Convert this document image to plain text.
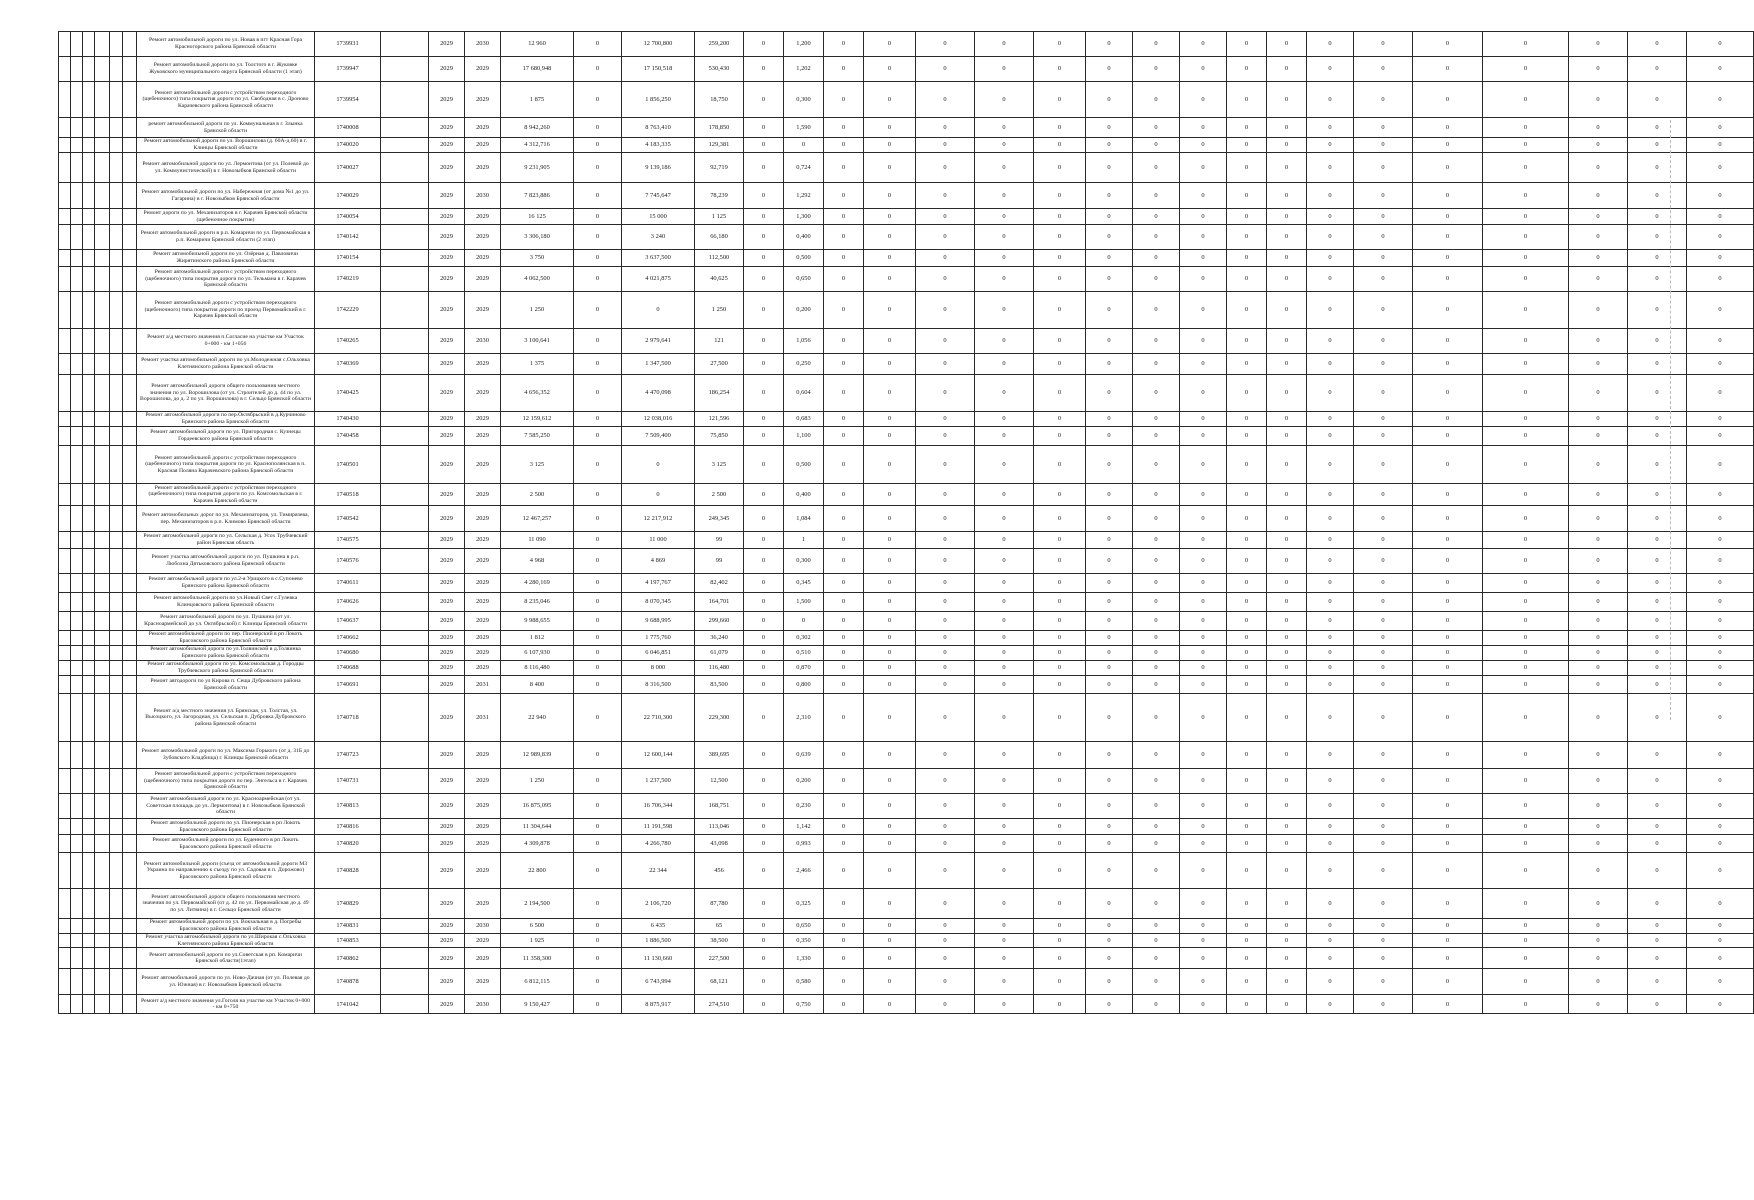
						Ремонт автомобильной дороги по ул. Новая в пгт Красная Гора Красногорского района Брянской области	1739931		2029	2030	12 960	0	12 700,800	259,200	0	1,200	0	0	0	0	0	0	0	0	0	0	0	0	0	0	0	0	0
						Ремонт автомобильной дороги по ул. Толстого в г. Жуковке Жуковского муниципального округа Брянской области (1 этап)	1739947		2029	2029	17 680,948	0	17 150,518	530,430	0	1,202	0	0	0	0	0	0	0	0	0	0	0	0	0	0	0	0	0
						Ремонт автомобильной дороги с устройством переходного (щебеночного) типа покрытия дороги по ул. Свободная в с. Дроново Карачевского района Брянской области	1739954		2029	2029	1 875	0	1 856,250	18,750	0	0,300	0	0	0	0	0	0	0	0	0	0	0	0	0	0	0	0	0
						ремонт автомобильной дороги по ул. Коммунальная в г. Злынка Брянской области	1740008		2029	2029	8 942,260	0	8 763,410	178,850	0	1,590	0	0	0	0	0	0	0	0	0	0	0	0	0	0	0	0	0
						Ремонт автомобильной дороги по ул. Ворошилова (д. 60А-д.60) в г. Клинцы Брянской области	1740020		2029	2029	4 312,716	0	4 183,335	129,381	0	0	0	0	0	0	0	0	0	0	0	0	0	0	0	0	0	0	0
						Ремонт автомобильной дороги по ул. Лермонтова (от ул. Полевой до ул. Коммунистической) в г. Новозыбков Брянской области	1740027		2029	2029	9 231,905	0	9 139,186	92,719	0	0,724	0	0	0	0	0	0	0	0	0	0	0	0	0	0	0	0	0
						Ремонт автомобильной дороги по ул. Набережная (от дома №1 до ул. Гагарина) в г. Новозыбков Брянской области	1740029		2029	2030	7 823,886	0	7 745,647	78,239	0	1,292	0	0	0	0	0	0	0	0	0	0	0	0	0	0	0	0	0
						Ремонт дороги по ул. Механизаторов в г. Карачев Брянской области (щебеночное покрытие)	1740054		2029	2029	16 125	0	15 000	1 125	0	1,300	0	0	0	0	0	0	0	0	0	0	0	0	0	0	0	0	0
						Ремонт автомобильной дороги в р.п. Комаричи по ул. Первомайская в р.п. Комаричи Брянской области (2 этап)	1740142		2029	2029	3 306,180	0	3 240	66,180	0	0,400	0	0	0	0	0	0	0	0	0	0	0	0	0	0	0	0	0
						Ремонт автомобильной дороги по ул. Озёрная д. Павловичи Жирятинского района Брянской области	1740154		2029	2029	3 750	0	3 637,500	112,500	0	0,500	0	0	0	0	0	0	0	0	0	0	0	0	0	0	0	0	0
						Ремонт автомобильной дороги с устройством переходного (щебеночного) типа покрытия дороги по ул. Тельмана в г. Карачев Брянской области	1740219		2029	2029	4 062,500	0	4 021,875	40,625	0	0,650	0	0	0	0	0	0	0	0	0	0	0	0	0	0	0	0	0
						Ремонт автомобильной дороги с устройством переходного (щебеночного) типа покрытия дороги по проезд Первомайский в г. Карачев Брянской области	1742229		2029	2029	1 250	0	0	1 250	0	0,200	0	0	0	0	0	0	0	0	0	0	0	0	0	0	0	0	0
						Ремонт а/д местного значения п.Согласие на участке км Участок 0+000 - км 1+056	1740265		2029	2030	3 100,641	0	2 979,641	121	0	1,056	0	0	0	0	0	0	0	0	0	0	0	0	0	0	0	0	0
						Ремонт участка автомобильной дороги по ул.Молодежная с.Ольховка Клетнянского района Брянской области	1740369		2029	2029	1 375	0	1 347,500	27,500	0	0,250	0	0	0	0	0	0	0	0	0	0	0	0	0	0	0	0	0
						Ремонт автомобильной дороги общего пользования местного значения по ул. Ворошилова (от ул. Строителей до д. 44 по ул. Ворошилова, до д. 2 по ул. Ворошилова) в г. Сельцо Брянской области	1740425		2029	2029	4 656,352	0	4 470,098	186,254	0	0,604	0	0	0	0	0	0	0	0	0	0	0	0	0	0	0	0	0
						Ремонт автомобильной дороги по пер.Октябрьский в д.Курчиново Брянского района Брянской области	1740430		2029	2029	12 159,612	0	12 038,016	121,596	0	0,683	0	0	0	0	0	0	0	0	0	0	0	0	0	0	0	0	0
						Ремонт автомобильной дороги по ул. Пригородная с. Кузнецы Гордеевского района Брянской области	1740458		2029	2029	7 585,250	0	7 509,400	75,850	0	1,100	0	0	0	0	0	0	0	0	0	0	0	0	0	0	0	0	0
						Ремонт автомобильной дороги с устройством переходного (щебеночного) типа покрытия дороги по ул. Краснополянская в п. Красная Поляна Карачевского района Брянской области	1740501		2029	2029	3 125	0	0	3 125	0	0,500	0	0	0	0	0	0	0	0	0	0	0	0	0	0	0	0	0
						Ремонт автомобильной дороги с устройством переходного (щебеночного) типа покрытия дороги по ул. Комсомольская в г. Карачев Брянской области	1740518		2029	2029	2 500	0	0	2 500	0	0,400	0	0	0	0	0	0	0	0	0	0	0	0	0	0	0	0	0
						Ремонт автомобильных дорог по ул. Механизаторов, ул. Тимирязева, пер. Механизаторов в р.п. Климово Брянской области	1740542		2029	2029	12 467,257	0	12 217,912	249,345	0	1,084	0	0	0	0	0	0	0	0	0	0	0	0	0	0	0	0	0
						Ремонт автомобильной дороги по ул. Сельская д. Усох Трубчевский район Брянская область	1740575		2029	2029	11 090	0	11 000	99	0	1	0	0	0	0	0	0	0	0	0	0	0	0	0	0	0	0	0
						Ремонт участка автомобильной дороги по ул. Пушкина в р.п. Любохна Дятьковского района Брянской области	1740576		2029	2029	4 968	0	4 869	99	0	0,300	0	0	0	0	0	0	0	0	0	0	0	0	0	0	0	0	0
						Ремонт автомобильной дороги по ул.2-я Урицкого в с.Супонево Брянского района Брянской области	1740611		2029	2029	4 280,169	0	4 197,767	82,402	0	0,345	0	0	0	0	0	0	0	0	0	0	0	0	0	0	0	0	0
						Ремонт автомобильной дороги по ул.Новый Свет с.Гулевка Клинцовского района Брянской области	1740626		2029	2029	8 235,046	0	8 070,345	164,701	0	1,500	0	0	0	0	0	0	0	0	0	0	0	0	0	0	0	0	0
						Ремонт автомобильной дороги по ул. Пушкина (от ул. Красноармейской до ул. Октябрьской) г. Клинцы Брянской области	1740637		2029	2029	9 988,655	0	9 688,995	299,660	0	0	0	0	0	0	0	0	0	0	0	0	0	0	0	0	0	0	0
						Ремонт автомобильной дороги по пер. Пионерский в рп Локоть Брасовского района Брянской области	1740662		2029	2029	1 812	0	1 775,760	36,240	0	0,302	0	0	0	0	0	0	0	0	0	0	0	0	0	0	0	0	0
						Ремонт автомобильной дороги по ул.Толвинской в д.Толвинка Брянского района Брянской области	1740680		2029	2029	6 107,930	0	6 046,851	61,079	0	0,510	0	0	0	0	0	0	0	0	0	0	0	0	0	0	0	0	0
						Ремонт автомобильной дороги по ул. Комсомольская д. Городцы Трубчевского района Брянской области	1740688		2029	2029	8 116,480	0	8 000	116,480	0	0,870	0	0	0	0	0	0	0	0	0	0	0	0	0	0	0	0	0
						Ремонт автодороги по ул Кирова п. Сеща Дубровского района Брянской области	1740691		2029	2031	8 400	0	8 316,500	83,500	0	0,800	0	0	0	0	0	0	0	0	0	0	0	0	0	0	0	0	0
						Ремонт а/д местного значения ул. Брянская, ул. Толстая, ул. Высоцкого, ул. Загородная, ул. Сельская п. Дубровка Дубровского района Брянской области	1740718		2029	2031	22 940	0	22 710,300	229,300	0	2,310	0	0	0	0	0	0	0	0	0	0	0	0	0	0	0	0	0
						Ремонт автомобильной дороги по ул. Максима Горького (от д. 31Б до Зубовского Кладбища) г. Клинцы Брянской области	1740723		2029	2029	12 989,839	0	12 600,144	389,695	0	0,639	0	0	0	0	0	0	0	0	0	0	0	0	0	0	0	0	0
						Ремонт автомобильной дороги с устройством переходного (щебеночного) типа покрытия дороги по пер. Энгельса в г. Карачев Брянской области	1740731		2029	2029	1 250	0	1 237,500	12,500	0	0,200	0	0	0	0	0	0	0	0	0	0	0	0	0	0	0	0	0
						Ремонт автомобильной дороги по ул. Красноармейская (от ул. Советская площадь до ул. Лермонтова) в г. Новозыбков Брянской области	1740813		2029	2029	16 875,095	0	16 706,344	168,751	0	0,230	0	0	0	0	0	0	0	0	0	0	0	0	0	0	0	0	0
						Ремонт автомобильной дороги по ул. Пионерская в рп Локоть Брасовского района Брянской области	1740816		2029	2029	11 304,644	0	11 191,598	113,046	0	1,142	0	0	0	0	0	0	0	0	0	0	0	0	0	0	0	0	0
						Ремонт автомобильной дороги по ул. Буденного в рп Локоть Брасовского района Брянской области	1740820		2029	2029	4 309,878	0	4 266,780	43,098	0	0,993	0	0	0	0	0	0	0	0	0	0	0	0	0	0	0	0	0
						Ремонт автомобильной дороги (съезд от автомобильной дороги М3 Украина по направлению к съезду по ул. Садовая в п. Дорожово) Брасовского района Брянской области	1740828		2029	2029	22 800	0	22 344	456	0	2,466	0	0	0	0	0	0	0	0	0	0	0	0	0	0	0	0	0
						Ремонт автомобильной дороги общего пользования местного значения по ул. Первомайской (от д. 42 по ул. Первомайская до д. 49 по ул. Литвина) в г. Сельцо Брянской области	1740829		2029	2029	2 194,500	0	2 106,720	87,780	0	0,325	0	0	0	0	0	0	0	0	0	0	0	0	0	0	0	0	0
						Ремонт автомобильной дороги по ул. Вокзальная в д. Погребы Брасовского района Брянской области	1740831		2029	2030	6 500	0	6 435	65	0	0,650	0	0	0	0	0	0	0	0	0	0	0	0	0	0	0	0	0
						Ремонт участка автомобильной дороги по ул.Широкая с.Ольховка Клетнянского района Брянской области	1740853		2029	2029	1 925	0	1 886,500	38,500	0	0,350	0	0	0	0	0	0	0	0	0	0	0	0	0	0	0	0	0
						Ремонт автомобильной дороги по ул.Советская в рп. Комаричи Брянской области(1этап)	1740862		2029	2029	11 358,300	0	11 130,660	227,500	0	1,330	0	0	0	0	0	0	0	0	0	0	0	0	0	0	0	0	0
						Ремонт автомобильной дороги по ул. Ново-Дачная (от ул. Полевая до ул. Южная) в г. Новозыбков Брянской области	1740878		2029	2029	6 812,115	0	6 743,994	68,121	0	0,580	0	0	0	0	0	0	0	0	0	0	0	0	0	0	0	0	0
						Ремонт а/д местного значения ул.Гоголя на участке км Участок 0+000 - км 0+750	1741042		2029	2030	9 150,427	0	8 875,917	274,510	0	0,750	0	0	0	0	0	0	0	0	0	0	0	0	0	0	0	0	0
